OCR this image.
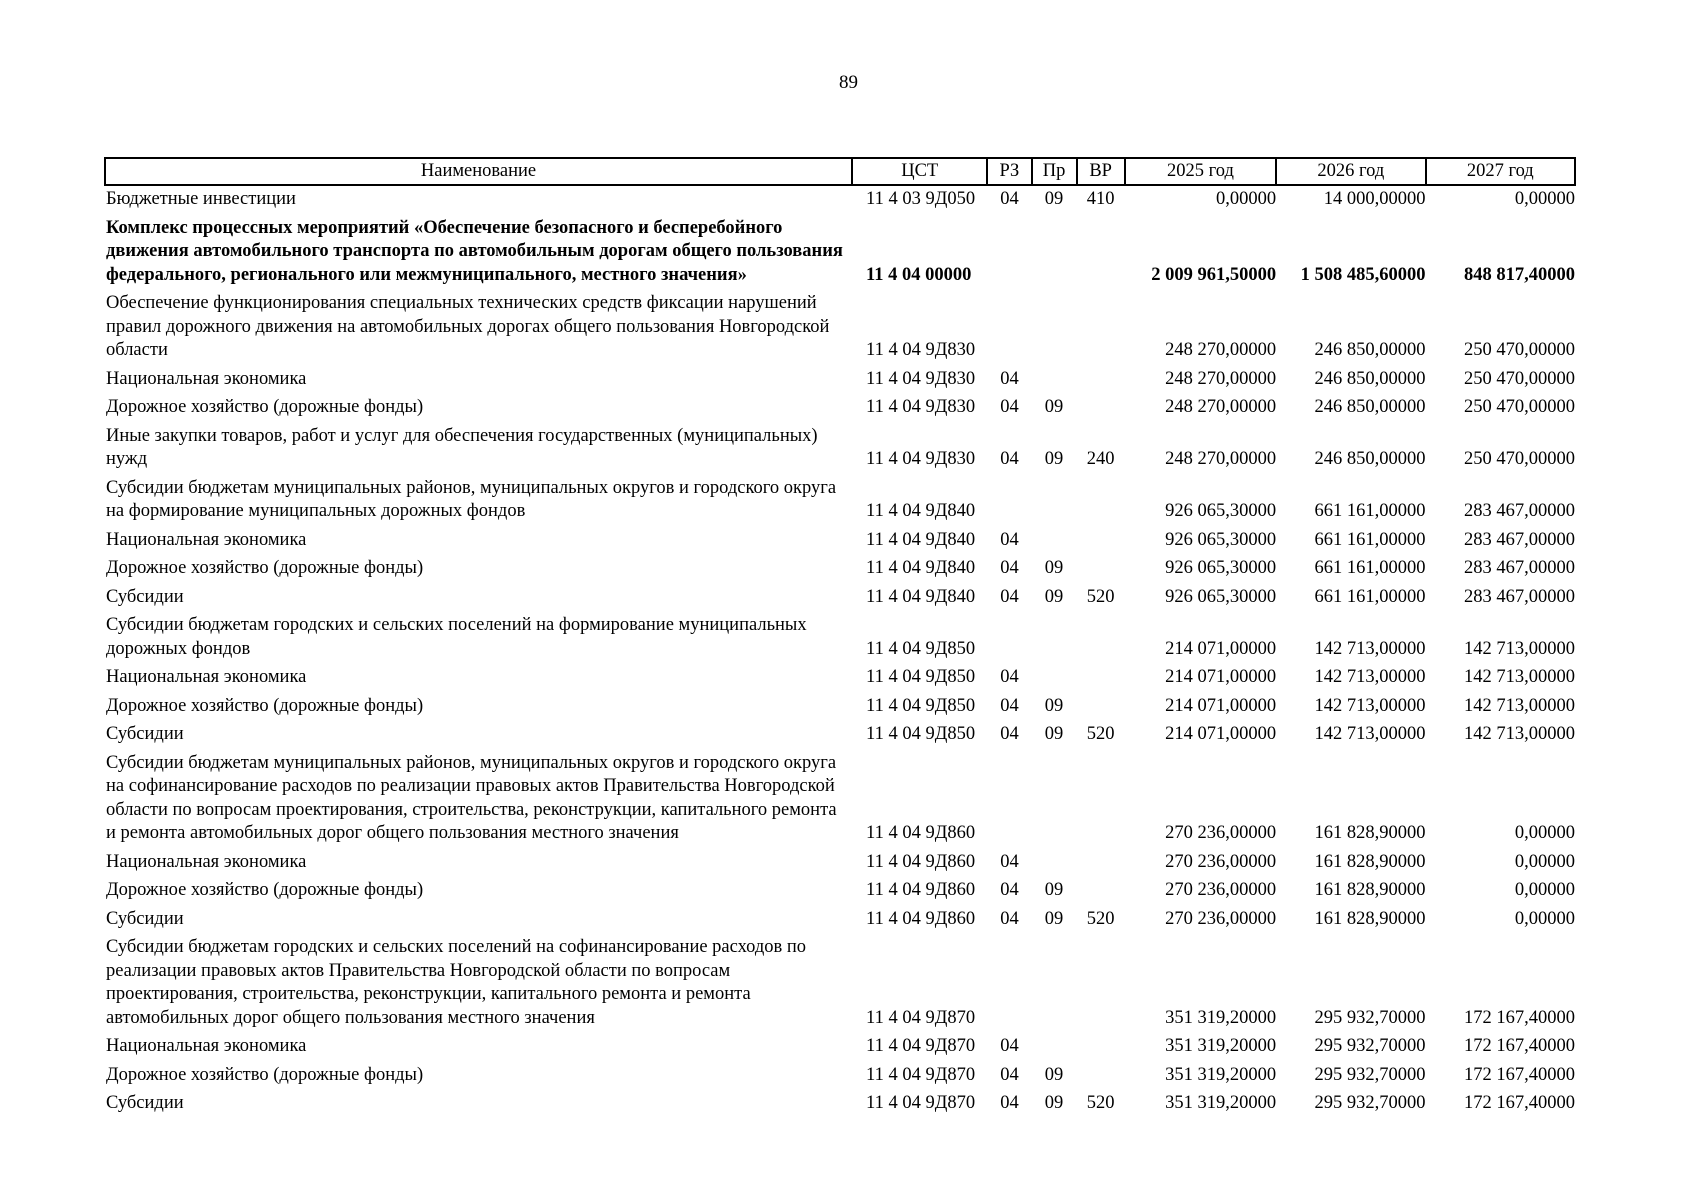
89
Наименование	ЦСТ	РЗ	Пр	ВР	2025 год	2026 год	2027 год
Бюджетные инвестиции	11 4 03 9Д050	04	09	410	0,00000	14 000,00000	0,00000
Комплекс процессных мероприятий «Обеспечение безопасного и бесперебойного движения автомобильного транспорта по автомобильным дорогам общего пользования федерального, регионального или межмуниципального, местного значения»	11 4 04 00000				2 009 961,50000	1 508 485,60000	848 817,40000
Обеспечение функционирования специальных технических средств фиксации нарушений правил дорожного движения на автомобильных дорогах общего пользования Новгородской области	11 4 04 9Д830				248 270,00000	246 850,00000	250 470,00000
Национальная экономика	11 4 04 9Д830	04			248 270,00000	246 850,00000	250 470,00000
Дорожное хозяйство (дорожные фонды)	11 4 04 9Д830	04	09		248 270,00000	246 850,00000	250 470,00000
Иные закупки товаров, работ и услуг для обеспечения государственных (муниципальных) нужд	11 4 04 9Д830	04	09	240	248 270,00000	246 850,00000	250 470,00000
Субсидии бюджетам муниципальных районов, муниципальных округов и городского округа на формирование муниципальных дорожных фондов	11 4 04 9Д840				926 065,30000	661 161,00000	283 467,00000
Национальная экономика	11 4 04 9Д840	04			926 065,30000	661 161,00000	283 467,00000
Дорожное хозяйство (дорожные фонды)	11 4 04 9Д840	04	09		926 065,30000	661 161,00000	283 467,00000
Субсидии	11 4 04 9Д840	04	09	520	926 065,30000	661 161,00000	283 467,00000
Субсидии бюджетам городских и сельских поселений на формирование муниципальных дорожных фондов	11 4 04 9Д850				214 071,00000	142 713,00000	142 713,00000
Национальная экономика	11 4 04 9Д850	04			214 071,00000	142 713,00000	142 713,00000
Дорожное хозяйство (дорожные фонды)	11 4 04 9Д850	04	09		214 071,00000	142 713,00000	142 713,00000
Субсидии	11 4 04 9Д850	04	09	520	214 071,00000	142 713,00000	142 713,00000
Субсидии бюджетам муниципальных районов, муниципальных округов и городского округа на софинансирование расходов по реализации правовых актов Правительства Новгородской области по вопросам проектирования, строительства, реконструкции, капитального ремонта и ремонта автомобильных дорог общего пользования местного значения	11 4 04 9Д860				270 236,00000	161 828,90000	0,00000
Национальная экономика	11 4 04 9Д860	04			270 236,00000	161 828,90000	0,00000
Дорожное хозяйство (дорожные фонды)	11 4 04 9Д860	04	09		270 236,00000	161 828,90000	0,00000
Субсидии	11 4 04 9Д860	04	09	520	270 236,00000	161 828,90000	0,00000
Субсидии бюджетам городских и сельских поселений на софинансирование расходов по реализации правовых актов Правительства Новгородской области по вопросам проектирования, строительства, реконструкции, капитального ремонта и ремонта автомобильных дорог общего пользования местного значения	11 4 04 9Д870				351 319,20000	295 932,70000	172 167,40000
Национальная экономика	11 4 04 9Д870	04			351 319,20000	295 932,70000	172 167,40000
Дорожное хозяйство (дорожные фонды)	11 4 04 9Д870	04	09		351 319,20000	295 932,70000	172 167,40000
Субсидии	11 4 04 9Д870	04	09	520	351 319,20000	295 932,70000	172 167,40000
